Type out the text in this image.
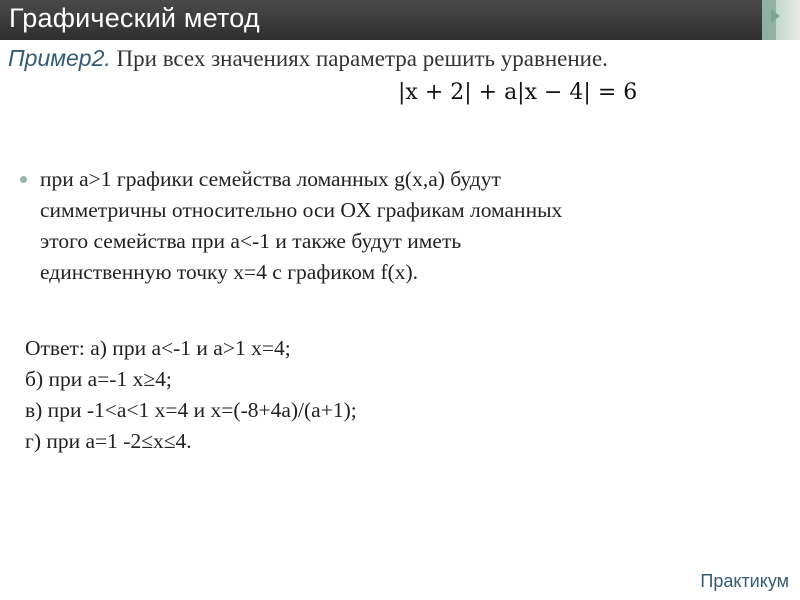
Графический метод
Пример2. При всех значениях параметра решить уравнение.
|x + 2| + a|x − 4| = 6
при a>1 графики семейства ломанных g(x,a) будут
симметричны относительно оси OX графикам ломанных
этого семейства при a<-1 и также будут иметь
единственную точку x=4 с графиком f(x).
Ответ: а) при a<-1 и a>1 x=4;
б) при a=-1 x≥4;
в) при -1<a<1 x=4 и x=(-8+4a)/(a+1);
г) при a=1 -2≤x≤4.
Практикум
